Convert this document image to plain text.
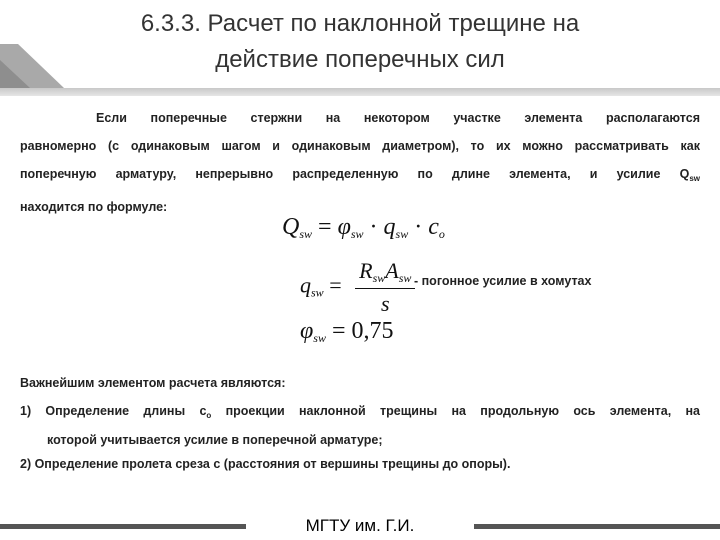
6.3.3. Расчет по наклонной трещине на
действие поперечных сил

Если поперечные стержни на некотором участке элемента располагаются

равномерно (с одинаковым шагом и одинаковым диаметром), то их можно рассматривать как

поперечную арматуру, непрерывно распределенную по длине элемента, и усилие $Q_{sw}$

находится по формуле:

Qsw = φsw · qsw · co
qsw = $\frac{\text{RswAsw}}{s}$
- погонное усилие в хомутах
φsw = 0,75
Важнейшим элементом расчета являются:
1) Определение длины $c_o$ проекции наклонной трещины на продольную ось элемента, на
которой учитывается усилие в поперечной арматуре;
2) Определение пролета среза c (расстояния от вершины трещины до опоры).
МГТУ им. Г.И.
